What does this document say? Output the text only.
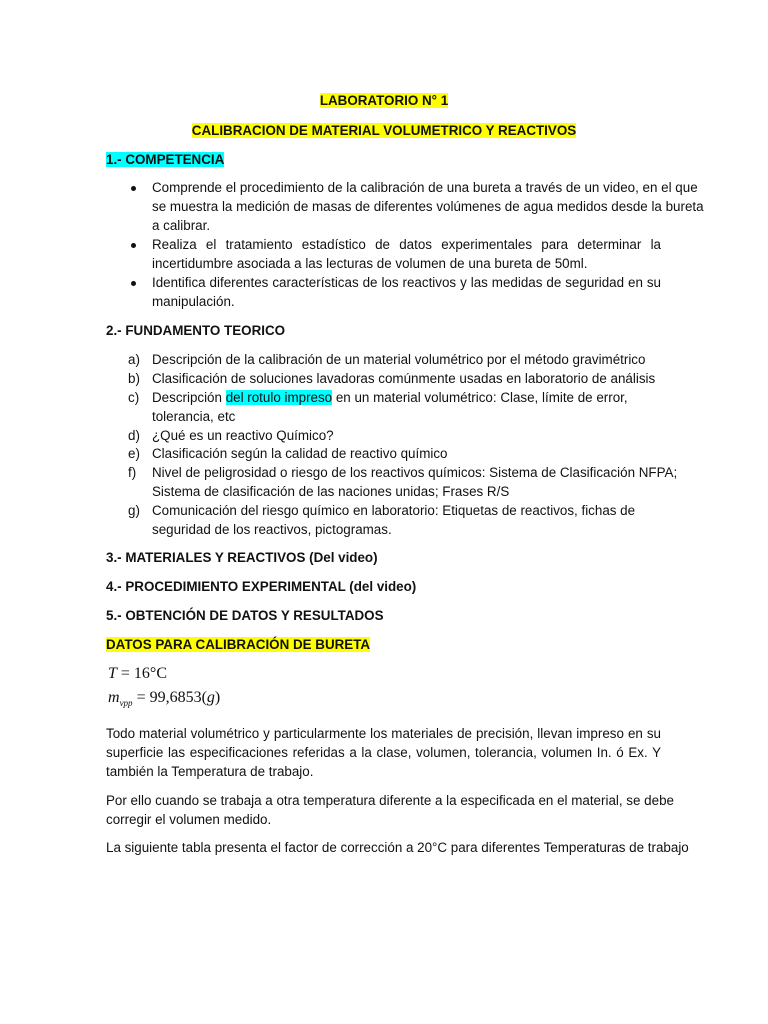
LABORATORIO N° 1
CALIBRACION DE MATERIAL VOLUMETRICO Y REACTIVOS
1.- COMPETENCIA
Comprende el procedimiento de la calibración de una bureta a través de un video, en el que
se muestra la medición de masas de diferentes volúmenes de agua medidos desde la bureta
a calibrar.
Realiza el tratamiento estadístico de datos experimentales para determinar la
incertidumbre asociada a las lecturas de volumen de una bureta de 50ml.
Identifica diferentes características de los reactivos y las medidas de seguridad en su
manipulación.
2.- FUNDAMENTO TEORICO
a) Descripción de la calibración de un material volumétrico por el método gravimétrico
b) Clasificación de soluciones lavadoras comúnmente usadas en laboratorio de análisis
c) Descripción del rotulo impreso en un material volumétrico: Clase, límite de error,
tolerancia, etc
d) ¿Qué es un reactivo Químico?
e) Clasificación según la calidad de reactivo químico
f) Nivel de peligrosidad o riesgo de los reactivos químicos: Sistema de Clasificación NFPA;
Sistema de clasificación de las naciones unidas; Frases R/S
g) Comunicación del riesgo químico en laboratorio: Etiquetas de reactivos, fichas de
seguridad de los reactivos, pictogramas.
3.- MATERIALES Y REACTIVOS (Del video)
4.- PROCEDIMIENTO EXPERIMENTAL (del video)
5.- OBTENCIÓN DE DATOS Y RESULTADOS
DATOS PARA CALIBRACIÓN DE BURETA
T = 16°C
$m_{vpp} = 99,6853(g)$
Todo material volumétrico y particularmente los materiales de precisión, llevan impreso en su
superficie las especificaciones referidas a la clase, volumen, tolerancia, volumen In. ó Ex. Y
también la Temperatura de trabajo.
Por ello cuando se trabaja a otra temperatura diferente a la especificada en el material, se debe
corregir el volumen medido.
La siguiente tabla presenta el factor de corrección a 20°C para diferentes Temperaturas de trabajo
